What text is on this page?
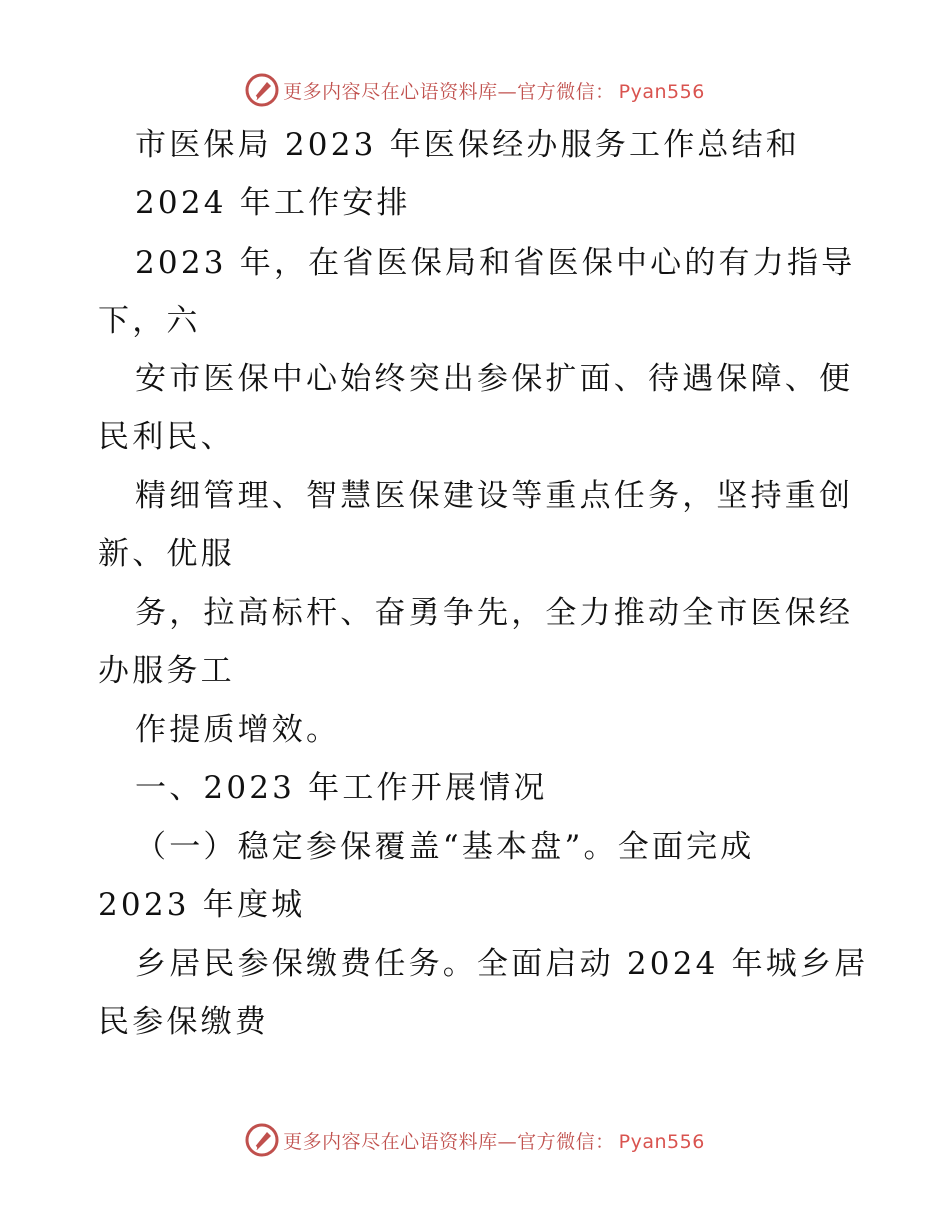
更多内容尽在心语资料库—官方微信： Pyan556
市医保局 2023 年医保经办服务工作总结和
2024 年工作安排
2023 年，在省医保局和省医保中心的有力指导
下，六
安市医保中心始终突出参保扩面、待遇保障、便
民利民、
精细管理、智慧医保建设等重点任务，坚持重创
新、优服
务，拉高标杆、奋勇争先，全力推动全市医保经
办服务工
作提质增效。
一、2023 年工作开展情况
（一）稳定参保覆盖“基本盘”。全面完成
2023 年度城
乡居民参保缴费任务。全面启动 2024 年城乡居
民参保缴费
更多内容尽在心语资料库—官方微信： Pyan556
